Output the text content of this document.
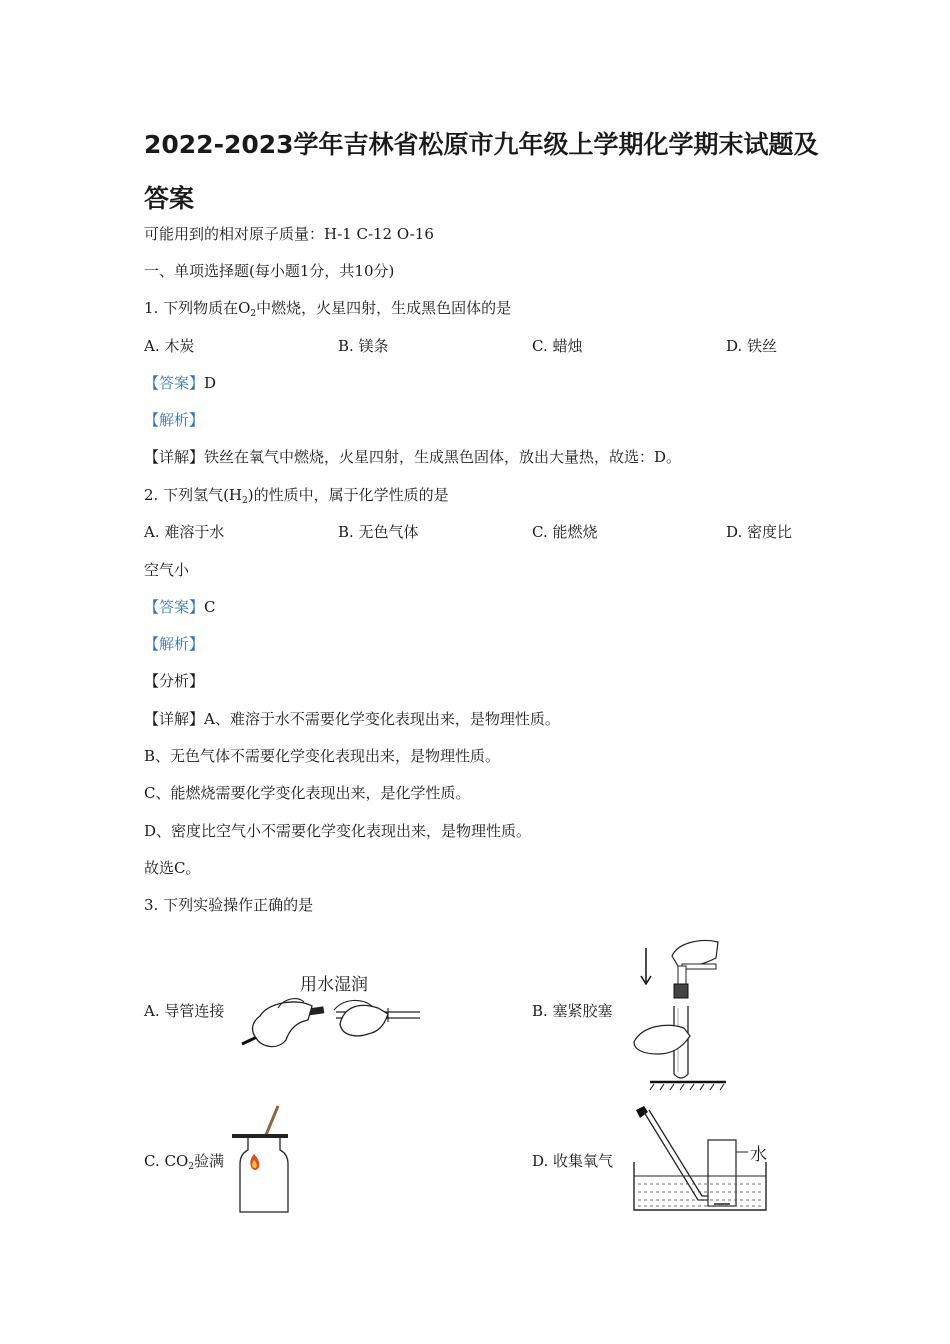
2022-2023学年吉林省松原市九年级上学期化学期末试题及答案
可能用到的相对原子质量：H-1 C-12 O-16
一、单项选择题(每小题1分，共10分)
1. 下列物质在$O_2$中燃烧，火星四射，生成黑色固体的是
A. 木炭	B. 镁条	C. 蜡烛	D. 铁丝
【答案】D
【解析】
【详解】铁丝在氧气中燃烧，火星四射，生成黑色固体，放出大量热，故选：D。
2. 下列氢气$(H_2)$的性质中，属于化学性质的是
A. 难溶于水	B. 无色气体	C. 能燃烧	D. 密度比
空气小
【答案】C
【解析】
【分析】
【详解】A、难溶于水不需要化学变化表现出来，是物理性质。
B、无色气体不需要化学变化表现出来，是物理性质。
C、能燃烧需要化学变化表现出来，是化学性质。
D、密度比空气小不需要化学变化表现出来，是物理性质。
故选C。
3. 下列实验操作正确的是
A. 导管连接	B. 塞紧胶塞
C. $CO_2$验满	D. 收集氧气
用水湿润
水
